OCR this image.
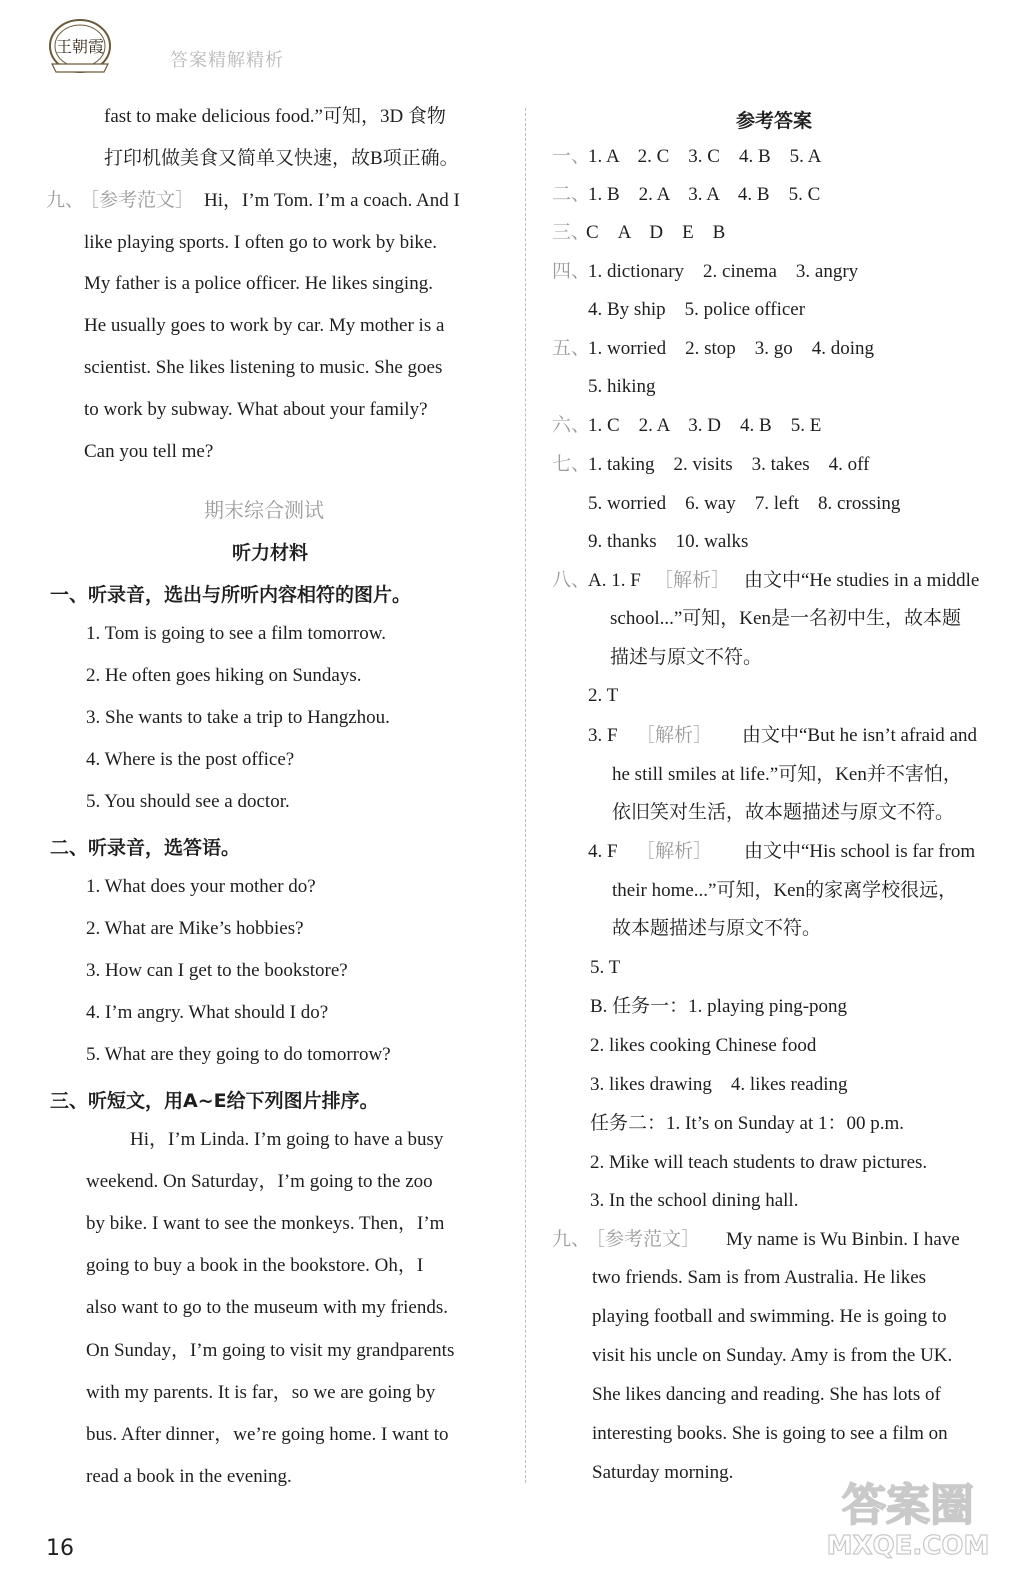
王朝霞
答案精解精析
fast to make delicious food.”可知，3D 食物
打印机做美食又简单又快速，故B项正确。
九、
［参考范文］ Hi，I’m Tom. I’m a coach. And I
like playing sports. I often go to work by bike.
My father is a police officer. He likes singing.
He usually goes to work by car. My mother is a
scientist. She likes listening to music. She goes
to work by subway. What about your family?
Can you tell me?
期末综合测试
听力材料
一、听录音，选出与所听内容相符的图片。
1. Tom is going to see a film tomorrow.
2. He often goes hiking on Sundays.
3. She wants to take a trip to Hangzhou.
4. Where is the post office?
5. You should see a doctor.
二、听录音，选答语。
1. What does your mother do?
2. What are Mike’s hobbies?
3. How can I get to the bookstore?
4. I’m angry. What should I do?
5. What are they going to do tomorrow?
三、听短文，用A~E给下列图片排序。
Hi，I’m Linda. I’m going to have a busy
weekend. On Saturday，I’m going to the zoo
by bike. I want to see the monkeys. Then，I’m
going to buy a book in the bookstore. Oh，I
also want to go to the museum with my friends.
On Sunday，I’m going to visit my grandparents
with my parents. It is far，so we are going by
bus. After dinner，we’re going home. I want to
read a book in the evening.
16
参考答案
一、
1. A　2. C　3. C　4. B　5. A
二、
1. B　2. A　3. A　4. B　5. C
三、
C　A　D　E　B
四、
1. dictionary　2. cinema　3. angry
4. By ship　5. police officer
五、
1. worried　2. stop　3. go　4. doing
5. hiking
六、
1. C　2. A　3. D　4. B　5. E
七、
1. taking　2. visits　3. takes　4. off
5. worried　6. way　7. left　8. crossing
9. thanks　10. walks
八、
A. 1. F ［解析］ 由文中“He studies in a middle
school...”可知，Ken是一名初中生，故本题
描述与原文不符。
2. T
3. F ［解析］ 由文中“But he isn’t afraid and
he still smiles at life.”可知，Ken并不害怕，
依旧笑对生活，故本题描述与原文不符。
4. F ［解析］ 由文中“His school is far from
their home...”可知，Ken的家离学校很远，
故本题描述与原文不符。
5. T
B. 任务一：1. playing ping-pong
2. likes cooking Chinese food
3. likes drawing　4. likes reading
任务二：1. It’s on Sunday at 1：00 p.m.
2. Mike will teach students to draw pictures.
3. In the school dining hall.
九、
［参考范文］ My name is Wu Binbin. I have
two friends. Sam is from Australia. He likes
playing football and swimming. He is going to
visit his uncle on Sunday. Amy is from the UK.
She likes dancing and reading. She has lots of
interesting books. She is going to see a film on
Saturday morning.
答案圈
MXQE.COM
